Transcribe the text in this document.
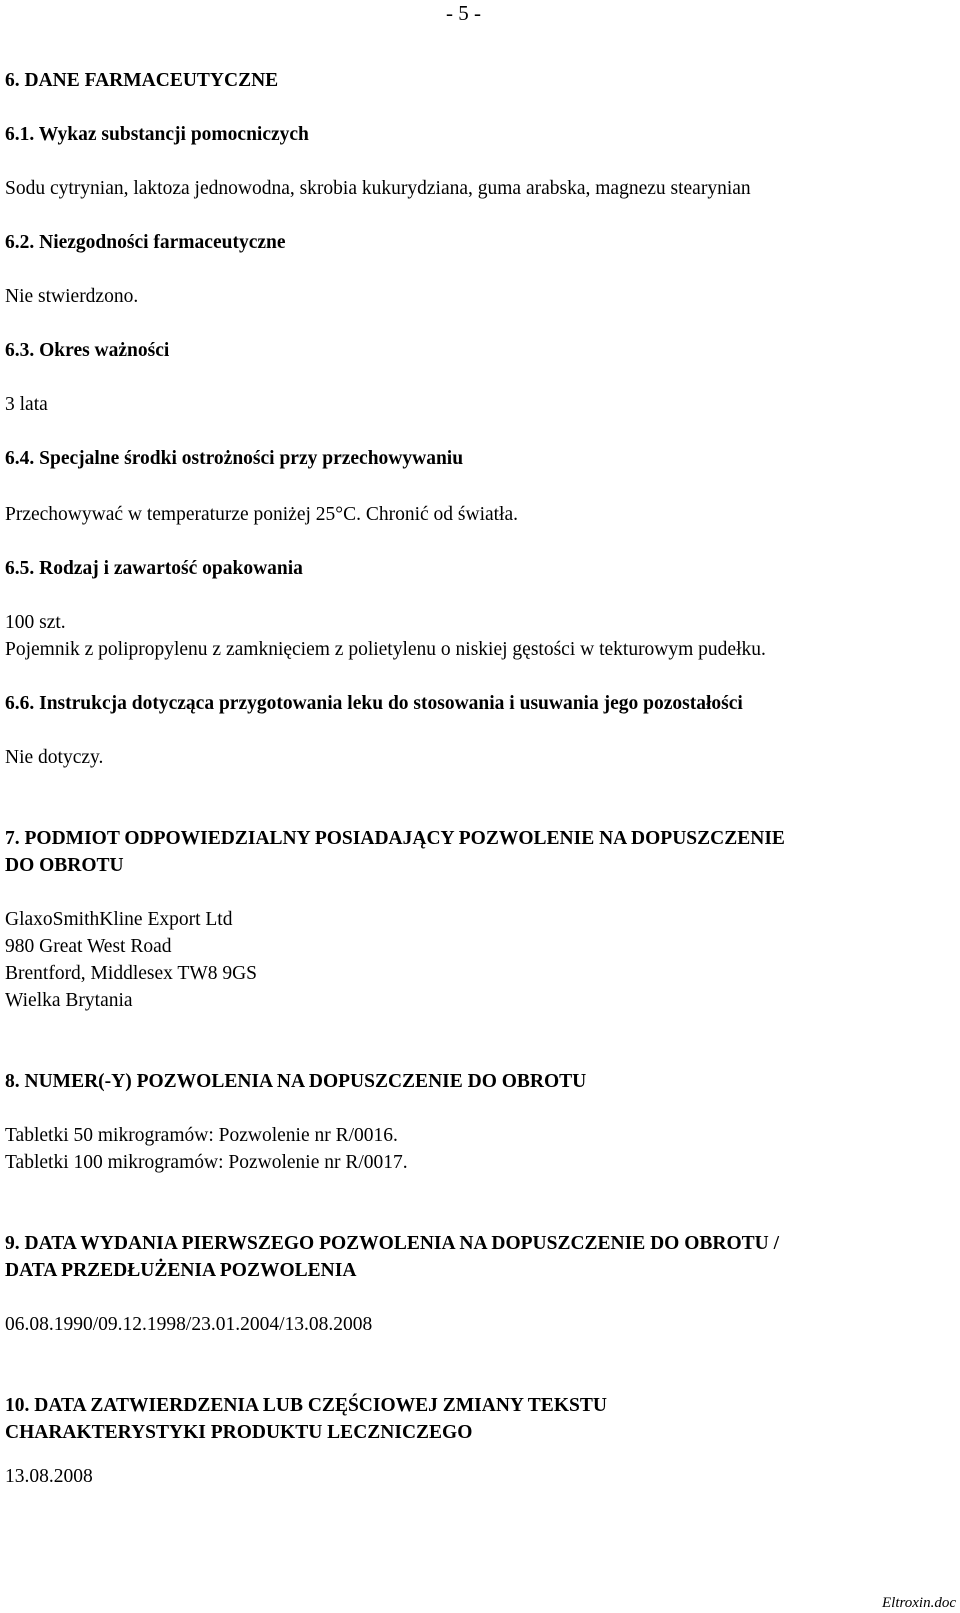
- 5 -
6. DANE FARMACEUTYCZNE
6.1. Wykaz substancji pomocniczych
Sodu cytrynian, laktoza jednowodna, skrobia kukurydziana, guma arabska, magnezu stearynian
6.2. Niezgodności farmaceutyczne
Nie stwierdzono.
6.3. Okres ważności
3 lata
6.4. Specjalne środki ostrożności przy przechowywaniu
Przechowywać w temperaturze poniżej 25°C. Chronić od światła.
6.5. Rodzaj i zawartość opakowania
100 szt.
Pojemnik z polipropylenu z zamknięciem z polietylenu o niskiej gęstości w tekturowym pudełku.
6.6. Instrukcja dotycząca przygotowania leku do stosowania i usuwania jego pozostałości
Nie dotyczy.
7. PODMIOT ODPOWIEDZIALNY POSIADAJĄCY POZWOLENIE NA DOPUSZCZENIE
DO OBROTU
GlaxoSmithKline Export Ltd
980 Great West Road
Brentford, Middlesex TW8 9GS
Wielka Brytania
8. NUMER(-Y) POZWOLENIA NA DOPUSZCZENIE DO OBROTU
Tabletki 50 mikrogramów: Pozwolenie nr R/0016.
Tabletki 100 mikrogramów: Pozwolenie nr R/0017.
9. DATA WYDANIA PIERWSZEGO POZWOLENIA NA DOPUSZCZENIE DO OBROTU /
DATA PRZEDŁUŻENIA POZWOLENIA
06.08.1990/09.12.1998/23.01.2004/13.08.2008
10. DATA ZATWIERDZENIA LUB CZĘŚCIOWEJ ZMIANY TEKSTU
CHARAKTERYSTYKI PRODUKTU LECZNICZEGO
13.08.2008
Eltroxin.doc
